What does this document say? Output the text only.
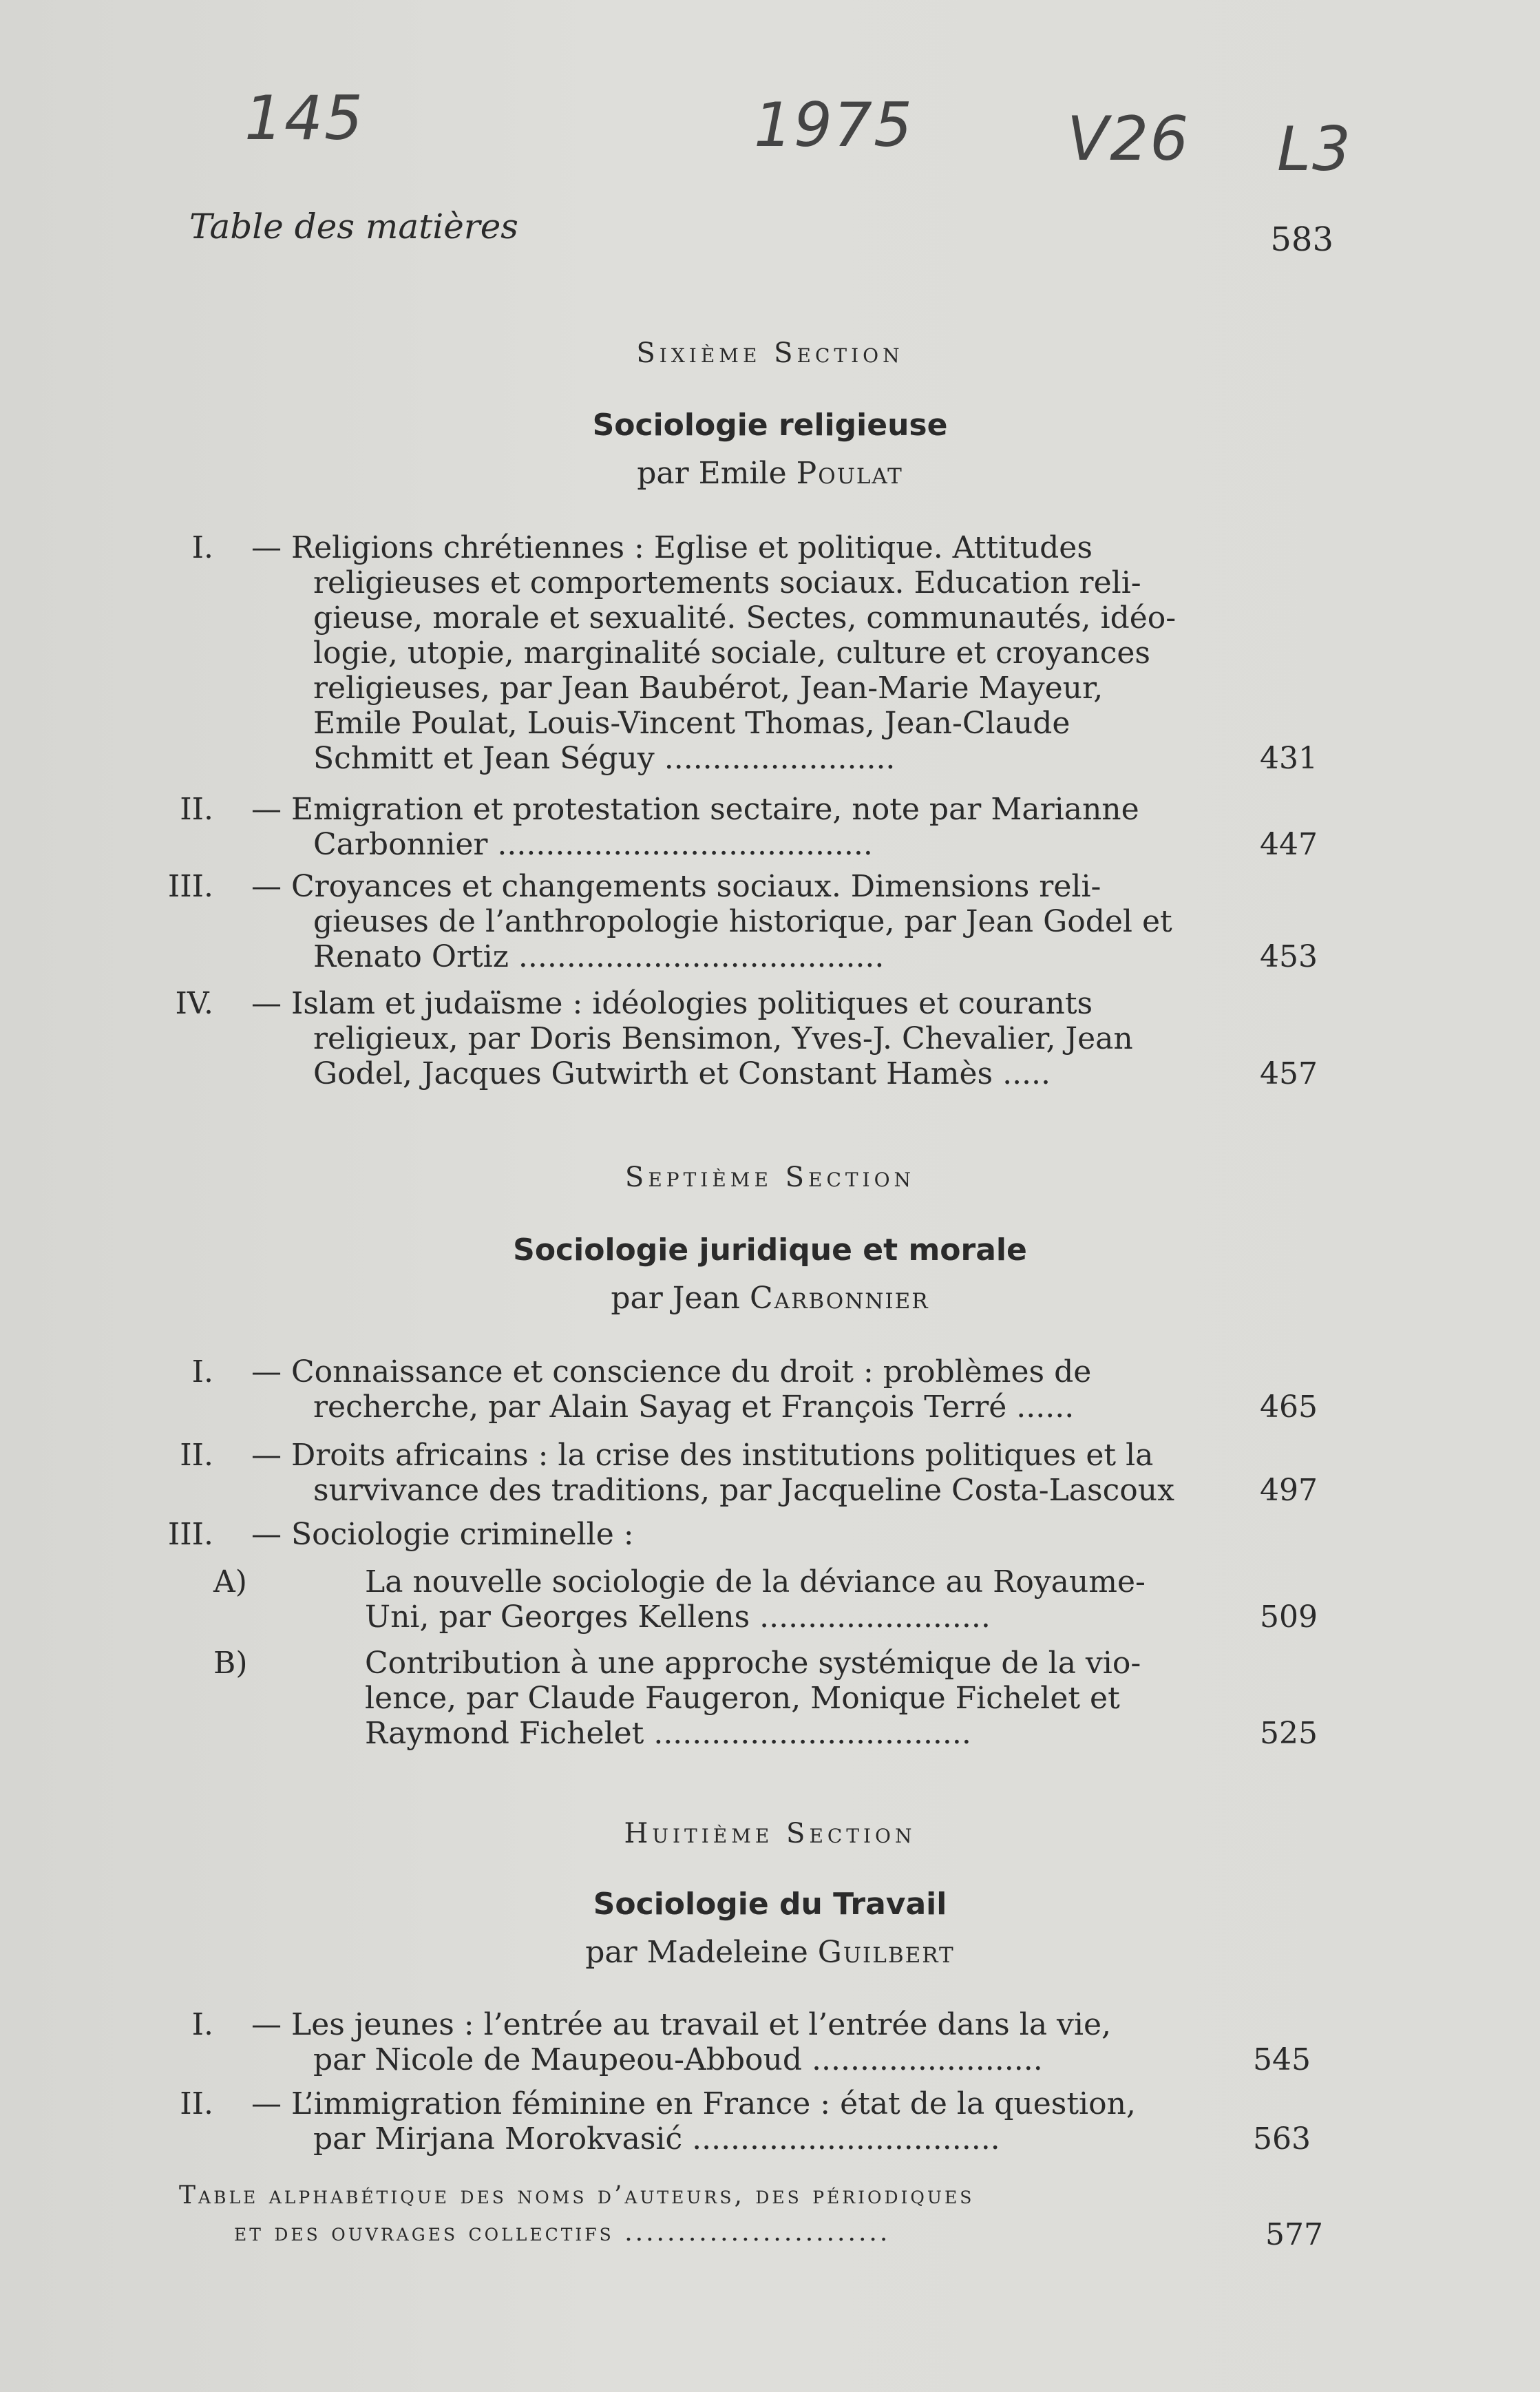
145	1975	V26 L3
Table des matières	583
Sixième Section
Sociologie religieuse
par Emile Poulat
I. — Religions chrétiennes : Eglise et politique. Attitudes
religieuses et comportements sociaux. Education reli-
gieuse, morale et sexualité. Sectes, communautés, idéo-
logie, utopie, marginalité sociale, culture et croyances
religieuses, par Jean Baubérot, Jean-Marie Mayeur,
Emile Poulat, Louis-Vincent Thomas, Jean-Claude
Schmitt et Jean Séguy ........................	431
II. — Emigration et protestation sectaire, note par Marianne
Carbonnier .......................................	447
III. — Croyances et changements sociaux. Dimensions reli-
gieuses de l’anthropologie historique, par Jean Godel et
Renato Ortiz ......................................	453
IV. — Islam et judaïsme : idéologies politiques et courants
religieux, par Doris Bensimon, Yves-J. Chevalier, Jean
Godel, Jacques Gutwirth et Constant Hamès .....	457
Septième Section
Sociologie juridique et morale
par Jean Carbonnier
I. — Connaissance et conscience du droit : problèmes de
recherche, par Alain Sayag et François Terré ......	465
II. — Droits africains : la crise des institutions politiques et la
survivance des traditions, par Jacqueline Costa-Lascoux	497
III. — Sociologie criminelle :
A)	La nouvelle sociologie de la déviance au Royaume-
Uni, par Georges Kellens ........................	509
B)	Contribution à une approche systémique de la vio-
lence, par Claude Faugeron, Monique Fichelet et
Raymond Fichelet .................................	525
Huitième Section
Sociologie du Travail
par Madeleine Guilbert
I. — Les jeunes : l’entrée au travail et l’entrée dans la vie,
par Nicole de Maupeou-Abboud ........................	545
II. — L’immigration féminine en France : état de la question,
par Mirjana Morokvasić ................................	563
Table alphabétique des noms d’auteurs, des périodiques
et des ouvrages collectifs .........................	577
